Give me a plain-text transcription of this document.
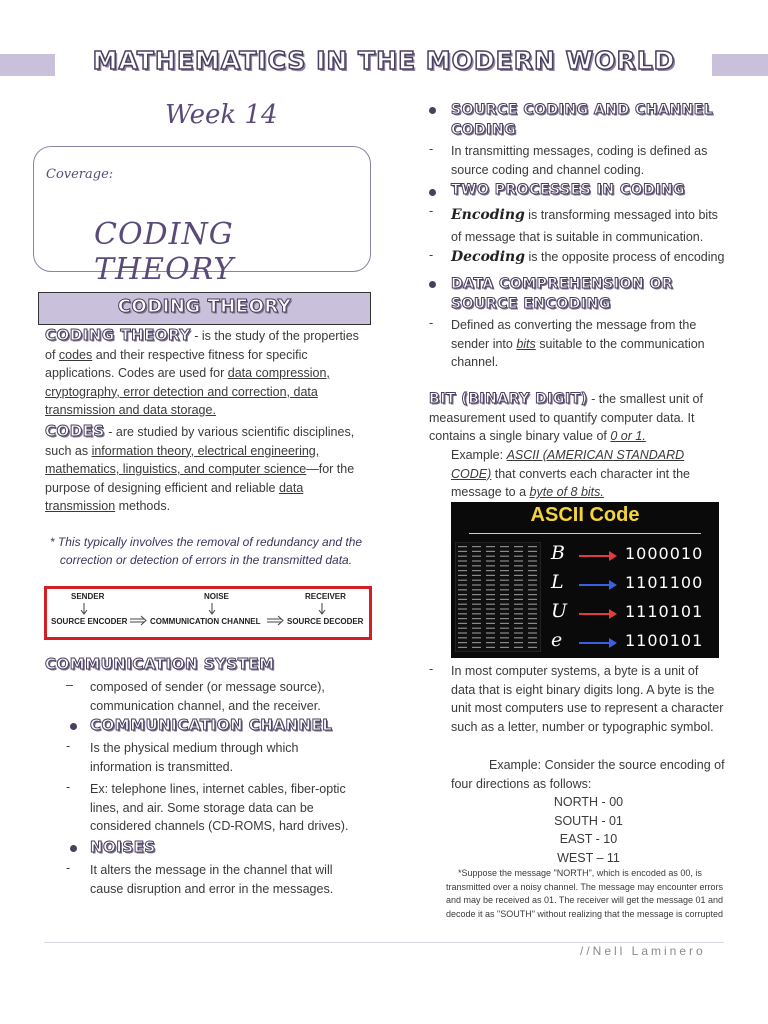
MATHEMATICS IN THE MODERN WORLD
Week 14
Coverage:
CODING THEORY
CODING THEORY
CODING THEORY - is the study of the properties of codes and their respective fitness for specific applications. Codes are used for data compression, cryptography, error detection and correction, data transmission and data storage.
CODES - are studied by various scientific disciplines, such as information theory, electrical engineering, mathematics, linguistics, and computer science—for the purpose of designing efficient and reliable data transmission methods.
* This typically involves the removal of redundancy and the correction or detection of errors in the transmitted data.
SENDER	NOISE	RECEIVER
SOURCE ENCODER	COMMUNICATION CHANNEL	SOURCE DECODER
COMMUNICATION SYSTEM
– composed of sender (or message source), communication channel, and the receiver.
COMMUNICATION CHANNEL
- Is the physical medium through which information is transmitted.
- Ex: telephone lines, internet cables, fiber-optic lines, and air. Some storage data can be considered channels (CD-ROMS, hard drives).
NOISES
- It alters the message in the channel that will cause disruption and error in the messages.
SOURCE CODING AND CHANNEL CODING
- In transmitting messages, coding is defined as source coding and channel coding.
TWO PROCESSES IN CODING
- Encoding is transforming messaged into bits of message that is suitable in communication.
- Decoding is the opposite process of encoding
DATA COMPREHENSION OR SOURCE ENCODING
- Defined as converting the message from the sender into bits suitable to the communication channel.
BIT (BINARY DIGIT) - the smallest unit of measurement used to quantify computer data. It contains a single binary value of 0 or 1.
Example: ASCII (AMERICAN STANDARD CODE) that converts each character int the message to a byte of 8 bits.
ASCII Code
B	1000010
L	1101100
U	1110101
e	1100101
- In most computer systems, a byte is a unit of data that is eight binary digits long. A byte is the unit most computers use to represent a character such as a letter, number or typographic symbol.
Example: Consider the source encoding of four directions as follows:
NORTH - 00
SOUTH - 01
EAST - 10
WEST – 11
*Suppose the message "NORTH", which is encoded as 00, is transmitted over a noisy channel. The message may encounter errors and may be received as 01. The receiver will get the message 01 and decode it as "SOUTH" without realizing that the message is corrupted
//Nell Laminero
